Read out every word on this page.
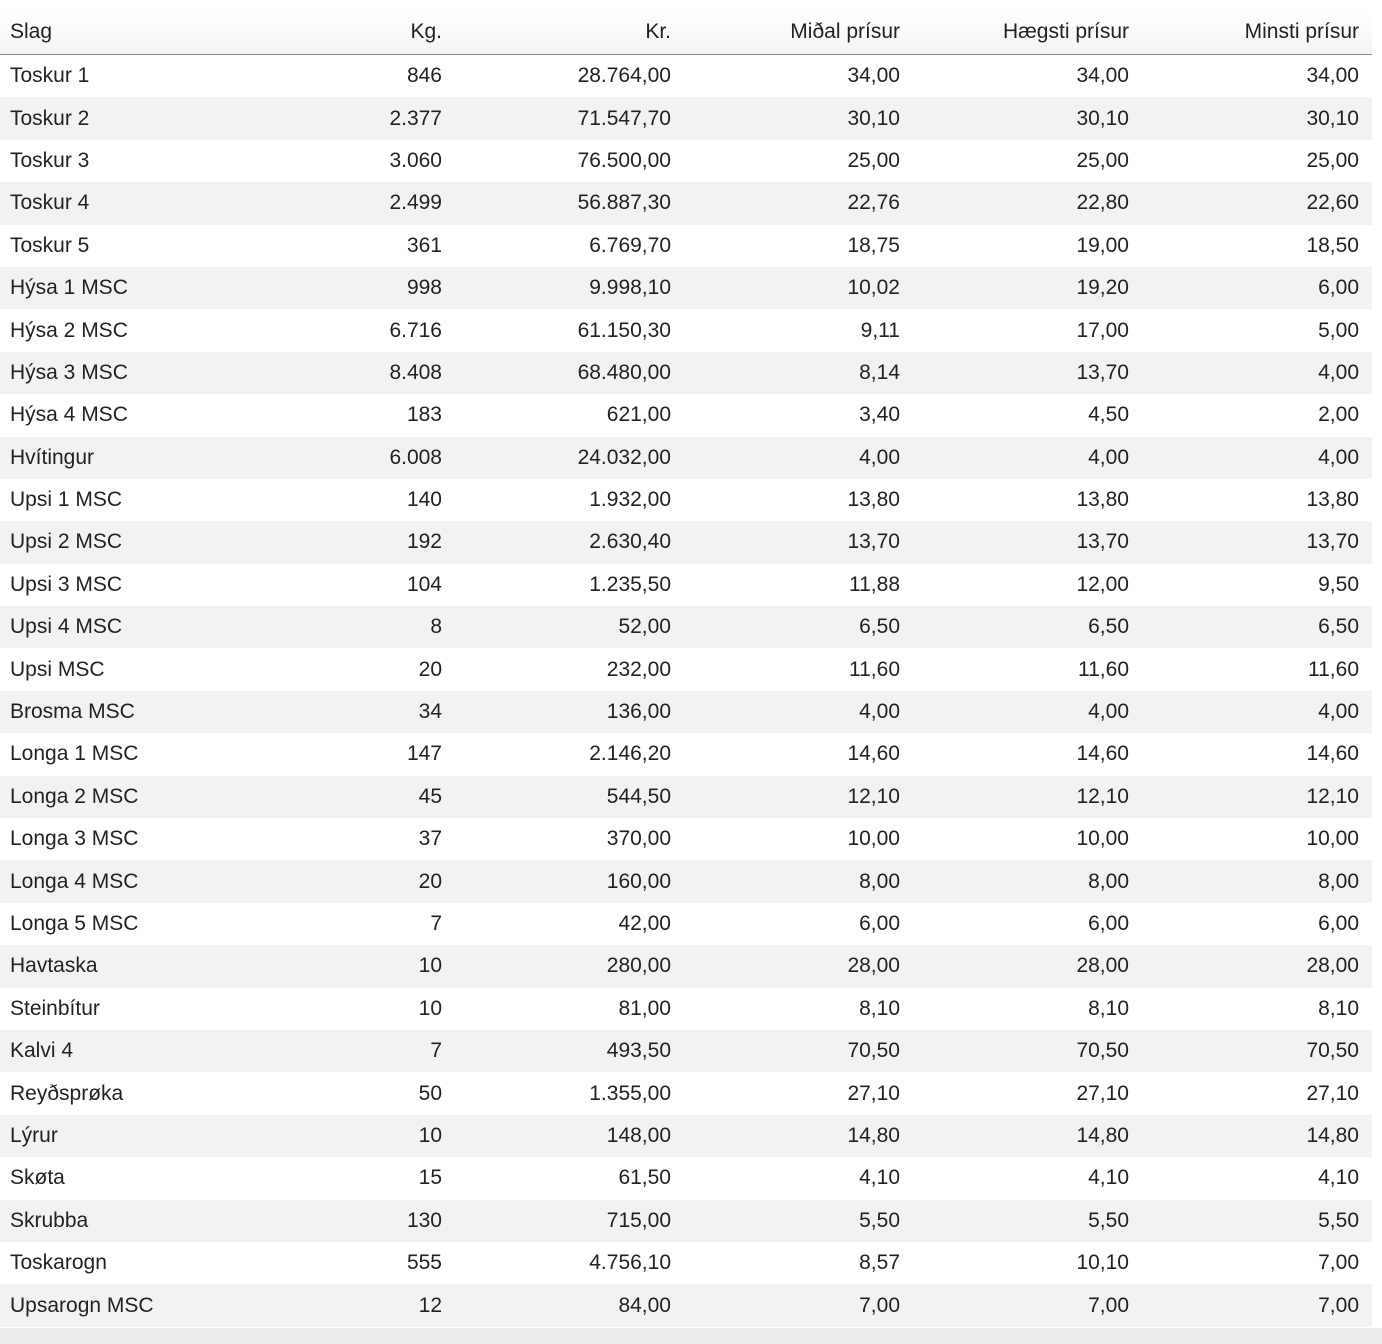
Slag	Kg.	Kr.	Miðal prísur	Hægsti prísur	Minsti prísur
Toskur 1	846	28.764,00	34,00	34,00	34,00
Toskur 2	2.377	71.547,70	30,10	30,10	30,10
Toskur 3	3.060	76.500,00	25,00	25,00	25,00
Toskur 4	2.499	56.887,30	22,76	22,80	22,60
Toskur 5	361	6.769,70	18,75	19,00	18,50
Hýsa 1 MSC	998	9.998,10	10,02	19,20	6,00
Hýsa 2 MSC	6.716	61.150,30	9,11	17,00	5,00
Hýsa 3 MSC	8.408	68.480,00	8,14	13,70	4,00
Hýsa 4 MSC	183	621,00	3,40	4,50	2,00
Hvítingur	6.008	24.032,00	4,00	4,00	4,00
Upsi 1 MSC	140	1.932,00	13,80	13,80	13,80
Upsi 2 MSC	192	2.630,40	13,70	13,70	13,70
Upsi 3 MSC	104	1.235,50	11,88	12,00	9,50
Upsi 4 MSC	8	52,00	6,50	6,50	6,50
Upsi MSC	20	232,00	11,60	11,60	11,60
Brosma MSC	34	136,00	4,00	4,00	4,00
Longa 1 MSC	147	2.146,20	14,60	14,60	14,60
Longa 2 MSC	45	544,50	12,10	12,10	12,10
Longa 3 MSC	37	370,00	10,00	10,00	10,00
Longa 4 MSC	20	160,00	8,00	8,00	8,00
Longa 5 MSC	7	42,00	6,00	6,00	6,00
Havtaska	10	280,00	28,00	28,00	28,00
Steinbítur	10	81,00	8,10	8,10	8,10
Kalvi 4	7	493,50	70,50	70,50	70,50
Reyðsprøka	50	1.355,00	27,10	27,10	27,10
Lýrur	10	148,00	14,80	14,80	14,80
Skøta	15	61,50	4,10	4,10	4,10
Skrubba	130	715,00	5,50	5,50	5,50
Toskarogn	555	4.756,10	8,57	10,10	7,00
Upsarogn MSC	12	84,00	7,00	7,00	7,00
